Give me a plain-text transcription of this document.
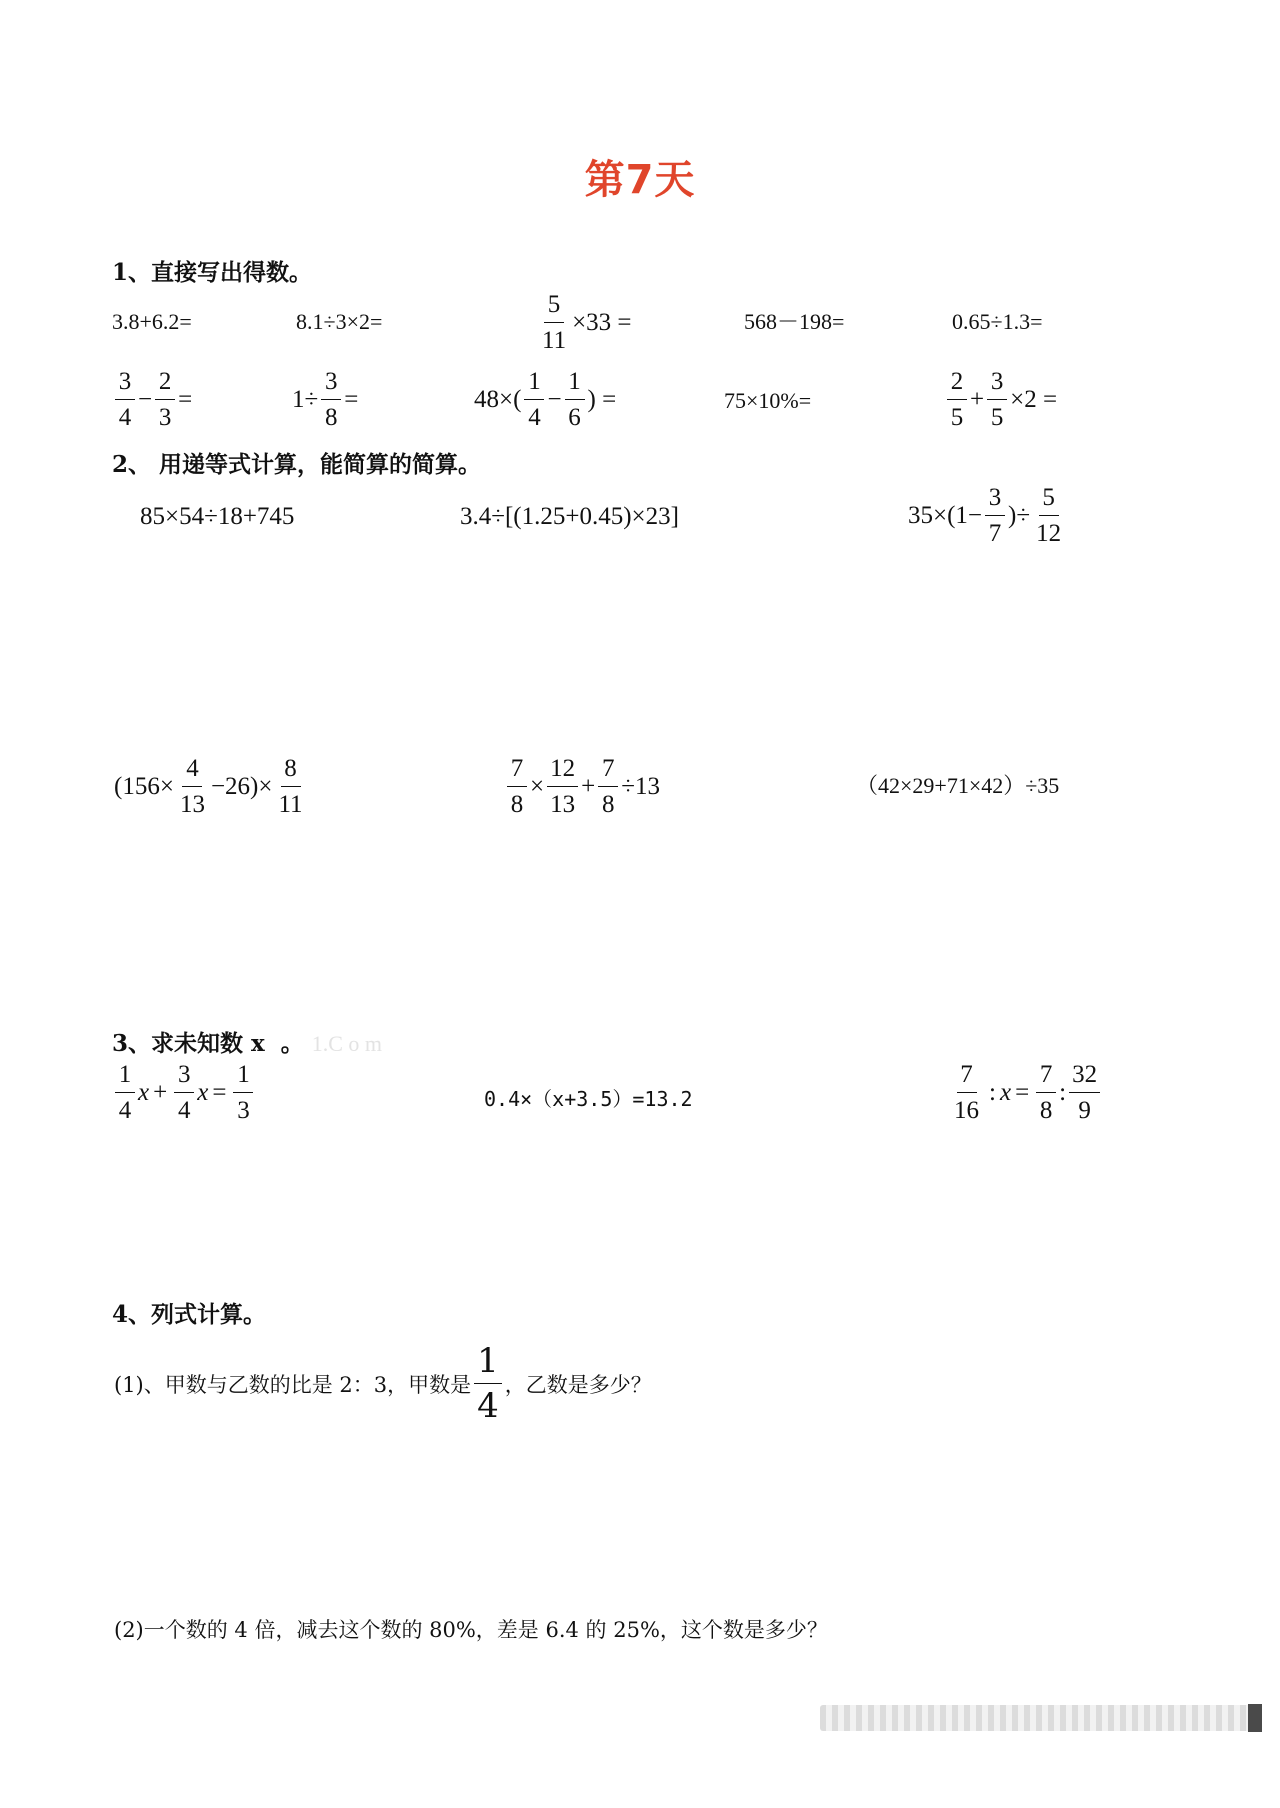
第7天
1、直接写出得数。
3.8+6.2=	8.1÷3×2=	$\frac{5}{11} \times 33$ =	568－198=	0.65÷1.3=
$\frac{3}{4} - \frac{2}{3}$ =	$1\div \frac{3}{8}$ =	$48\times( \frac{1}{4} - \frac{1}{6}$ ) =	75×10%=	$\frac{2}{5} + \frac{3}{5} \times 2$ =
2、 用递等式计算，能简算的简算。
85×54÷18+745	3.4÷[(1.25+0.45)×23]	$35\times(1- \frac{3}{7}$ )÷ $\frac{5}{12}$
$(156\times \frac{4}{13} -26)\times \frac{8}{11}$	$\frac{7}{8} \times \frac{12}{13} + \frac{7}{8} \div 13$	（42×29+71×42）÷35
3、求未知数 x 。 1.C o m
$\frac{1}{4}$ $x + \frac{3}{4}$ $x = \frac{1}{3}$	0.4×（x+3.5）=13.2	$\frac{7}{16}$ : $x = \frac{7}{8}$ : $\frac{32}{9}$
4、列式计算。
(1)、甲数与乙数的比是 2：3，甲数是 $\frac{1}{4}$ ，乙数是多少？
(2)一个数的 4 倍，减去这个数的 80%，差是 6.4 的 25%，这个数是多少？
